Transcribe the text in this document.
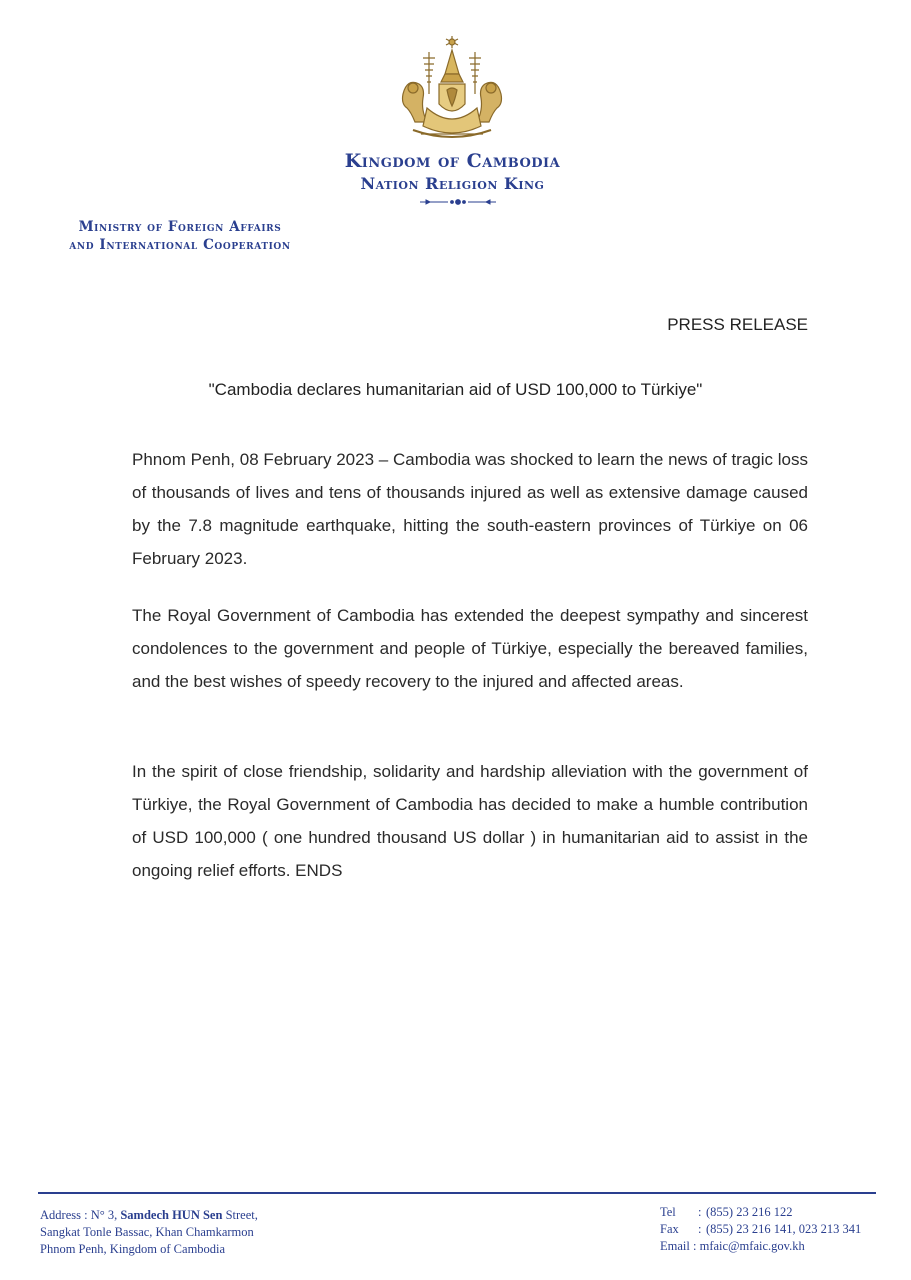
Kingdom of Cambodia
Nation Religion King
Ministry of Foreign Affairs
and International Cooperation
PRESS RELEASE
"Cambodia declares humanitarian aid of USD 100,000 to Türkiye"

Phnom Penh, 08 February 2023 – Cambodia was shocked to learn the news of tragic loss of thousands of lives and tens of thousands injured as well as extensive damage caused by the 7.8 magnitude earthquake, hitting the south-eastern provinces of Türkiye on 06 February 2023.

The Royal Government of Cambodia has extended the deepest sympathy and sincerest condolences to the government and people of Türkiye, especially the bereaved families, and the best wishes of speedy recovery to the injured and affected areas.

In the spirit of close friendship, solidarity and hardship alleviation with the government of Türkiye, the Royal Government of Cambodia has decided to make a humble contribution of USD 100,000 ( one hundred thousand US dollar ) in humanitarian aid to assist in the ongoing relief efforts. ENDS

Address : N° 3, Samdech HUN Sen Street,
Sangkat Tonle Bassac, Khan Chamkarmon
Phnom Penh, Kingdom of Cambodia
Tel : (855) 23 216 122
Fax : (855) 23 216 141, 023 213 341
Email : mfaic@mfaic.gov.kh
